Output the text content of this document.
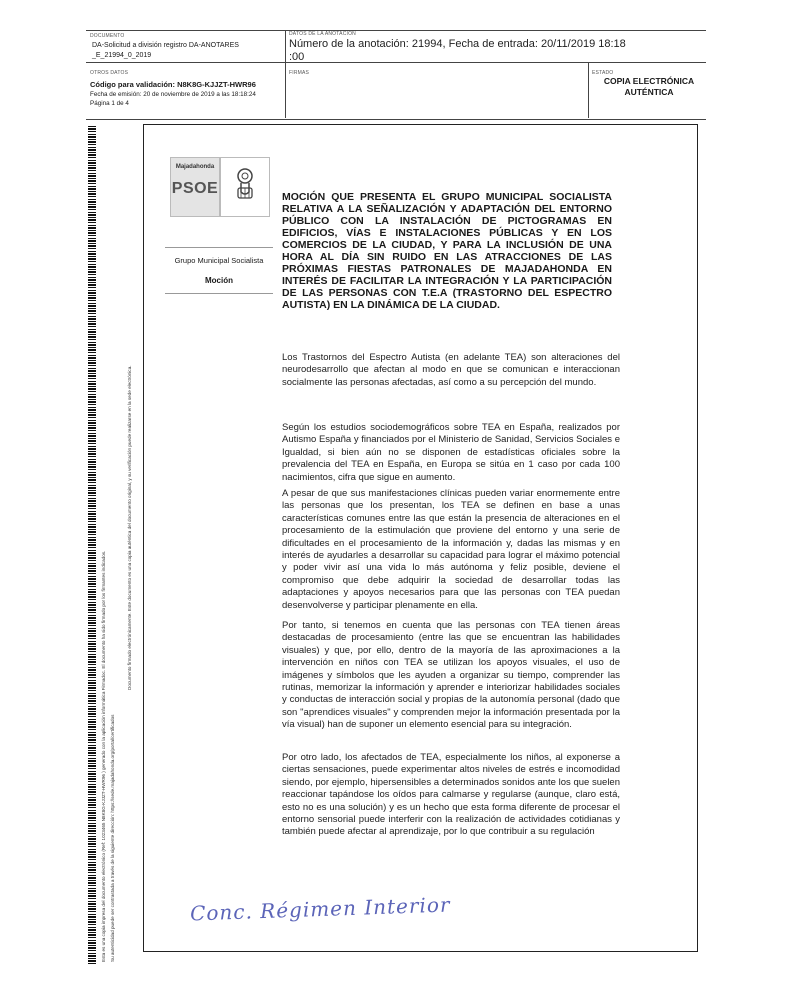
DOCUMENTO
DA-Solicitud a división registro DA-ANOTARES
_E_21994_0_2019
DATOS DE LA ANOTACIÓN
Número de la anotación: 21994, Fecha de entrada: 20/11/2019 18:18
:00
OTROS DATOS
Código para validación: N8K8G-KJJZT-HWR96
Fecha de emisión: 20 de noviembre de 2019 a las 18:18:24
Página 1 de 4
FIRMAS	ESTADO
COPIA ELECTRÓNICA
AUTÉNTICA
Esta es una copia impresa del documento electrónico (Ref: 1023465 N8K8G-KJJZT-HWR96 ) generado con la aplicación informática Firmadoc. El documento ha sido firmado por los firmantes indicados. Su autenticidad puede ser contrastada a través de la siguiente dirección: https://sede.majadahonda.org/portal/certificados
Documento firmado electrónicamente. Este documento es una copia auténtica del documento original, y su verificación puede realizarse en la sede electrónica.
Majadahonda
PSOE
Grupo Municipal Socialista
Moción
MOCIÓN QUE PRESENTA EL GRUPO MUNICIPAL SOCIALISTA RELATIVA A LA SEÑALIZACIÓN Y ADAPTACIÓN DEL ENTORNO PÚBLICO CON LA INSTALACIÓN DE PICTOGRAMAS EN EDIFICIOS, VÍAS E INSTALACIONES PÚBLICAS Y EN LOS COMERCIOS DE LA CIUDAD, Y PARA LA INCLUSIÓN DE UNA HORA AL DÍA SIN RUIDO EN LAS ATRACCIONES DE LAS PRÓXIMAS FIESTAS PATRONALES DE MAJADAHONDA EN INTERÉS DE FACILITAR LA INTEGRACIÓN Y LA PARTICIPACIÓN DE LAS PERSONAS CON T.E.A (TRASTORNO DEL ESPECTRO AUTISTA) EN LA DINÁMICA DE LA CIUDAD.
Los Trastornos del Espectro Autista (en adelante TEA) son alteraciones del neurodesarrollo que afectan al modo en que se comunican e interaccionan socialmente las personas afectadas, así como a su percepción del mundo.
Según los estudios sociodemográficos sobre TEA en España, realizados por Autismo España y financiados por el Ministerio de Sanidad, Servicios Sociales e Igualdad, si bien aún no se disponen de estadísticas oficiales sobre la prevalencia del TEA en España, en Europa se sitúa en 1 caso por cada 100 nacimientos, cifra que sigue en aumento.
A pesar de que sus manifestaciones clínicas pueden variar enormemente entre las personas que los presentan, los TEA se definen en base a unas características comunes entre las que están la presencia de alteraciones en el procesamiento de la estimulación que proviene del entorno y una serie de dificultades en el procesamiento de la información y, dadas las mismas y en interés de ayudarles a desarrollar su capacidad para lograr el máximo potencial y poder vivir así una vida lo más autónoma y feliz posible, deviene el compromiso que debe adquirir la sociedad de desarrollar todas las adaptaciones y apoyos necesarios para que las personas con TEA puedan desenvolverse y participar plenamente en ella.
Por tanto, si tenemos en cuenta que las personas con TEA tienen áreas destacadas de procesamiento (entre las que se encuentran las habilidades visuales) y que, por ello, dentro de la mayoría de las aproximaciones a la intervención en niños con TEA se utilizan los apoyos visuales, el uso de imágenes y símbolos que les ayuden a organizar su tiempo, comprender las rutinas, memorizar la información y aprender e interiorizar habilidades sociales y conductas de interacción social y propias de la autonomía personal (dado que son "aprendices visuales" y comprenden mejor la información presentada por la vía visual) han de suponer un elemento esencial para su integración.
Por otro lado, los afectados de TEA, especialmente los niños, al exponerse a ciertas sensaciones, puede experimentar altos niveles de estrés e incomodidad siendo, por ejemplo, hipersensibles a determinados sonidos ante los que suelen reaccionar tapándose los oídos para calmarse y regularse (aunque, claro está, esto no es una solución) y es un hecho que esta forma diferente de procesar el entorno sensorial puede interferir con la realización de actividades cotidianas y también puede afectar al aprendizaje, por lo que contribuir a su regulación
Conc. Régimen Interior
